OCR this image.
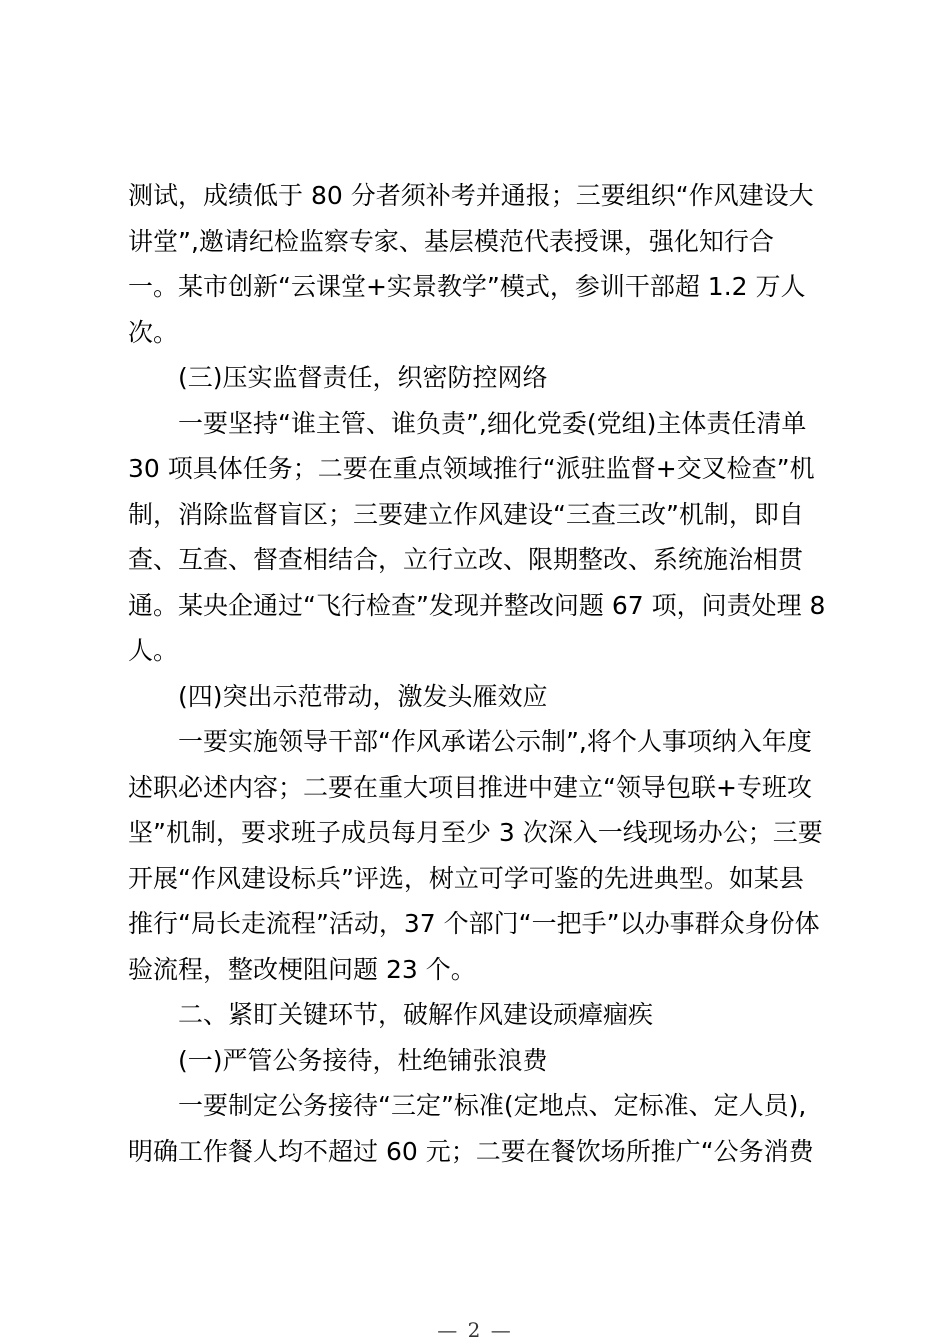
测试，成绩低于 80 分者须补考并通报；三要组织“作风建设大
讲堂”,邀请纪检监察专家、基层模范代表授课，强化知行合
一。某市创新“云课堂+实景教学”模式，参训干部超 1.2 万人
次。
(三)压实监督责任，织密防控网络
一要坚持“谁主管、谁负责”,细化党委(党组)主体责任清单
30 项具体任务；二要在重点领域推行“派驻监督+交叉检查”机
制，消除监督盲区；三要建立作风建设“三查三改”机制，即自
查、互查、督查相结合，立行立改、限期整改、系统施治相贯
通。某央企通过“飞行检查”发现并整改问题 67 项，问责处理 8
人。
(四)突出示范带动，激发头雁效应
一要实施领导干部“作风承诺公示制”,将个人事项纳入年度
述职必述内容；二要在重大项目推进中建立“领导包联+专班攻
坚”机制，要求班子成员每月至少 3 次深入一线现场办公；三要
开展“作风建设标兵”评选，树立可学可鉴的先进典型。如某县
推行“局长走流程”活动，37 个部门“一把手”以办事群众身份体
验流程，整改梗阻问题 23 个。
二、紧盯关键环节，破解作风建设顽瘴痼疾
(一)严管公务接待，杜绝铺张浪费
一要制定公务接待“三定”标准(定地点、定标准、定人员),
明确工作餐人均不超过 60 元；二要在餐饮场所推广“公务消费
— 2 —
